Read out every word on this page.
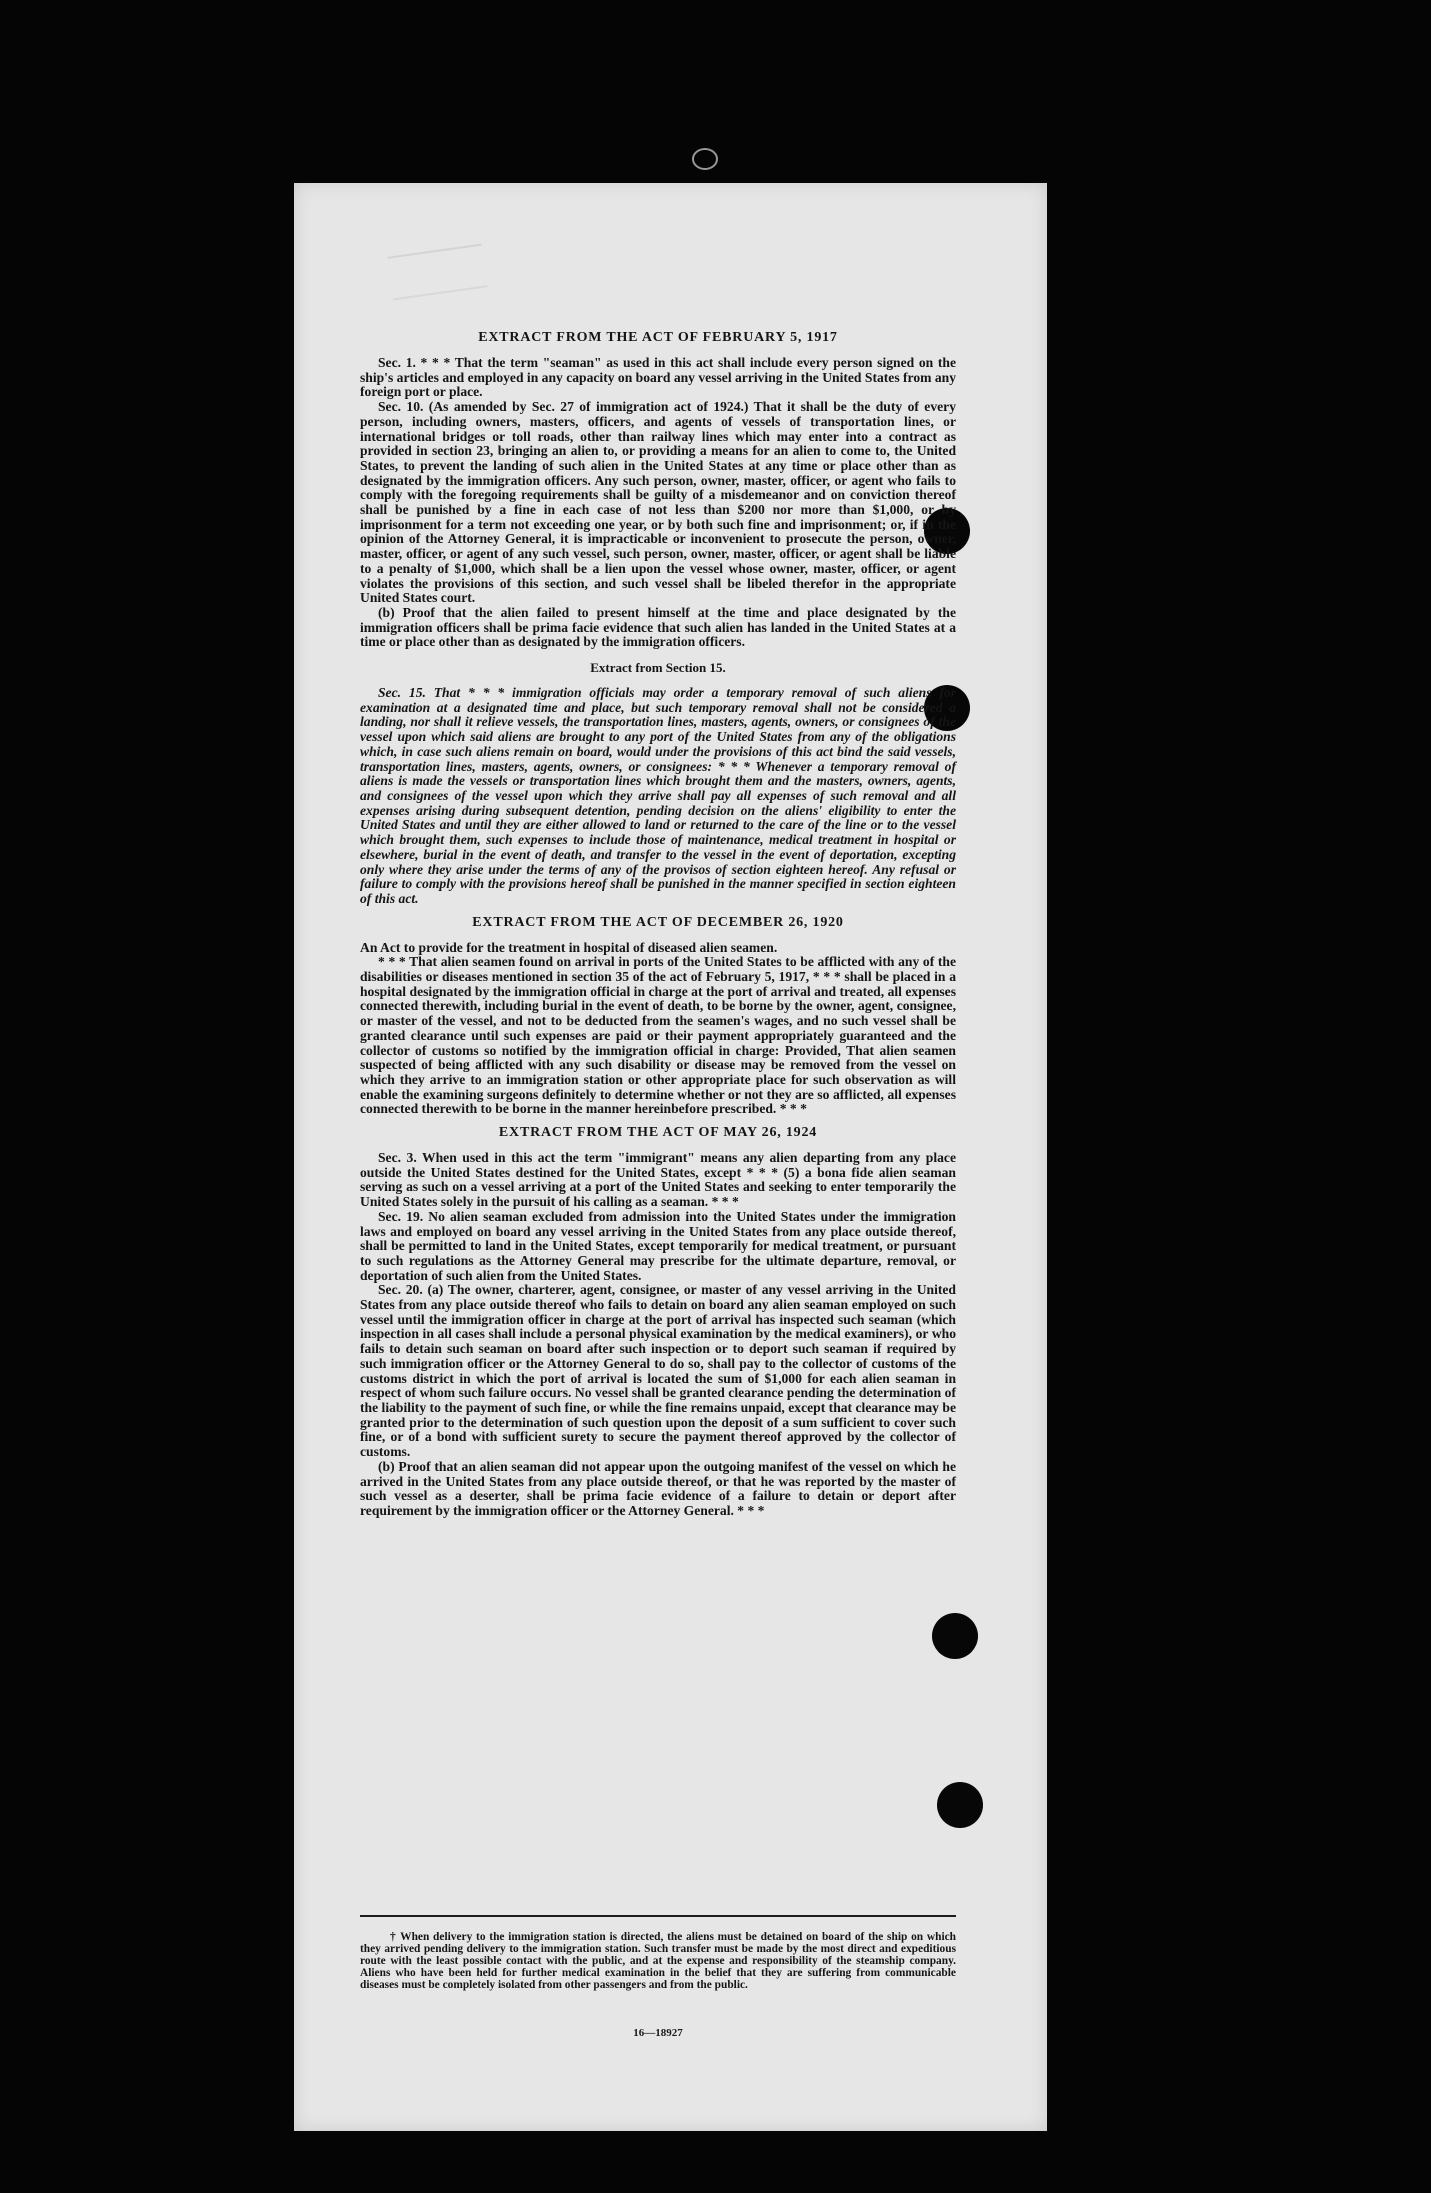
EXTRACT FROM THE ACT OF FEBRUARY 5, 1917

Sec. 1. * * * That the term "seaman" as used in this act shall include every person signed on the ship's articles and employed in any capacity on board any vessel arriving in the United States from any foreign port or place.

Sec. 10. (As amended by Sec. 27 of immigration act of 1924.) That it shall be the duty of every person, including owners, masters, officers, and agents of vessels of transportation lines, or international bridges or toll roads, other than railway lines which may enter into a contract as provided in section 23, bringing an alien to, or providing a means for an alien to come to, the United States, to prevent the landing of such alien in the United States at any time or place other than as designated by the immigration officers. Any such person, owner, master, officer, or agent who fails to comply with the foregoing requirements shall be guilty of a misdemeanor and on conviction thereof shall be punished by a fine in each case of not less than $200 nor more than $1,000, or by imprisonment for a term not exceeding one year, or by both such fine and imprisonment; or, if in the opinion of the Attorney General, it is impracticable or inconvenient to prosecute the person, owner, master, officer, or agent of any such vessel, such person, owner, master, officer, or agent shall be liable to a penalty of $1,000, which shall be a lien upon the vessel whose owner, master, officer, or agent violates the provisions of this section, and such vessel shall be libeled therefor in the appropriate United States court.

(b) Proof that the alien failed to present himself at the time and place designated by the immigration officers shall be prima facie evidence that such alien has landed in the United States at a time or place other than as designated by the immigration officers.

Extract from Section 15.

Sec. 15. That * * * immigration officials may order a temporary removal of such aliens for examination at a designated time and place, but such temporary removal shall not be considered a landing, nor shall it relieve vessels, the transportation lines, masters, agents, owners, or consignees of the vessel upon which said aliens are brought to any port of the United States from any of the obligations which, in case such aliens remain on board, would under the provisions of this act bind the said vessels, transportation lines, masters, agents, owners, or consignees: * * * Whenever a temporary removal of aliens is made the vessels or transportation lines which brought them and the masters, owners, agents, and consignees of the vessel upon which they arrive shall pay all expenses of such removal and all expenses arising during subsequent detention, pending decision on the aliens' eligibility to enter the United States and until they are either allowed to land or returned to the care of the line or to the vessel which brought them, such expenses to include those of maintenance, medical treatment in hospital or elsewhere, burial in the event of death, and transfer to the vessel in the event of deportation, excepting only where they arise under the terms of any of the provisos of section eighteen hereof. Any refusal or failure to comply with the provisions hereof shall be punished in the manner specified in section eighteen of this act.

EXTRACT FROM THE ACT OF DECEMBER 26, 1920

An Act to provide for the treatment in hospital of diseased alien seamen.

* * * That alien seamen found on arrival in ports of the United States to be afflicted with any of the disabilities or diseases mentioned in section 35 of the act of February 5, 1917, * * * shall be placed in a hospital designated by the immigration official in charge at the port of arrival and treated, all expenses connected therewith, including burial in the event of death, to be borne by the owner, agent, consignee, or master of the vessel, and not to be deducted from the seamen's wages, and no such vessel shall be granted clearance until such expenses are paid or their payment appropriately guaranteed and the collector of customs so notified by the immigration official in charge: Provided, That alien seamen suspected of being afflicted with any such disability or disease may be removed from the vessel on which they arrive to an immigration station or other appropriate place for such observation as will enable the examining surgeons definitely to determine whether or not they are so afflicted, all expenses connected therewith to be borne in the manner hereinbefore prescribed. * * *

EXTRACT FROM THE ACT OF MAY 26, 1924

Sec. 3. When used in this act the term "immigrant" means any alien departing from any place outside the United States destined for the United States, except * * * (5) a bona fide alien seaman serving as such on a vessel arriving at a port of the United States and seeking to enter temporarily the United States solely in the pursuit of his calling as a seaman. * * *

Sec. 19. No alien seaman excluded from admission into the United States under the immigration laws and employed on board any vessel arriving in the United States from any place outside thereof, shall be permitted to land in the United States, except temporarily for medical treatment, or pursuant to such regulations as the Attorney General may prescribe for the ultimate departure, removal, or deportation of such alien from the United States.

Sec. 20. (a) The owner, charterer, agent, consignee, or master of any vessel arriving in the United States from any place outside thereof who fails to detain on board any alien seaman employed on such vessel until the immigration officer in charge at the port of arrival has inspected such seaman (which inspection in all cases shall include a personal physical examination by the medical examiners), or who fails to detain such seaman on board after such inspection or to deport such seaman if required by such immigration officer or the Attorney General to do so, shall pay to the collector of customs of the customs district in which the port of arrival is located the sum of $1,000 for each alien seaman in respect of whom such failure occurs. No vessel shall be granted clearance pending the determination of the liability to the payment of such fine, or while the fine remains unpaid, except that clearance may be granted prior to the determination of such question upon the deposit of a sum sufficient to cover such fine, or of a bond with sufficient surety to secure the payment thereof approved by the collector of customs.

(b) Proof that an alien seaman did not appear upon the outgoing manifest of the vessel on which he arrived in the United States from any place outside thereof, or that he was reported by the master of such vessel as a deserter, shall be prima facie evidence of a failure to detain or deport after requirement by the immigration officer or the Attorney General. * * *

† When delivery to the immigration station is directed, the aliens must be detained on board of the ship on which they arrived pending delivery to the immigration station. Such transfer must be made by the most direct and expeditious route with the least possible contact with the public, and at the expense and responsibility of the steamship company. Aliens who have been held for further medical examination in the belief that they are suffering from communicable diseases must be completely isolated from other passengers and from the public.
16—18927
